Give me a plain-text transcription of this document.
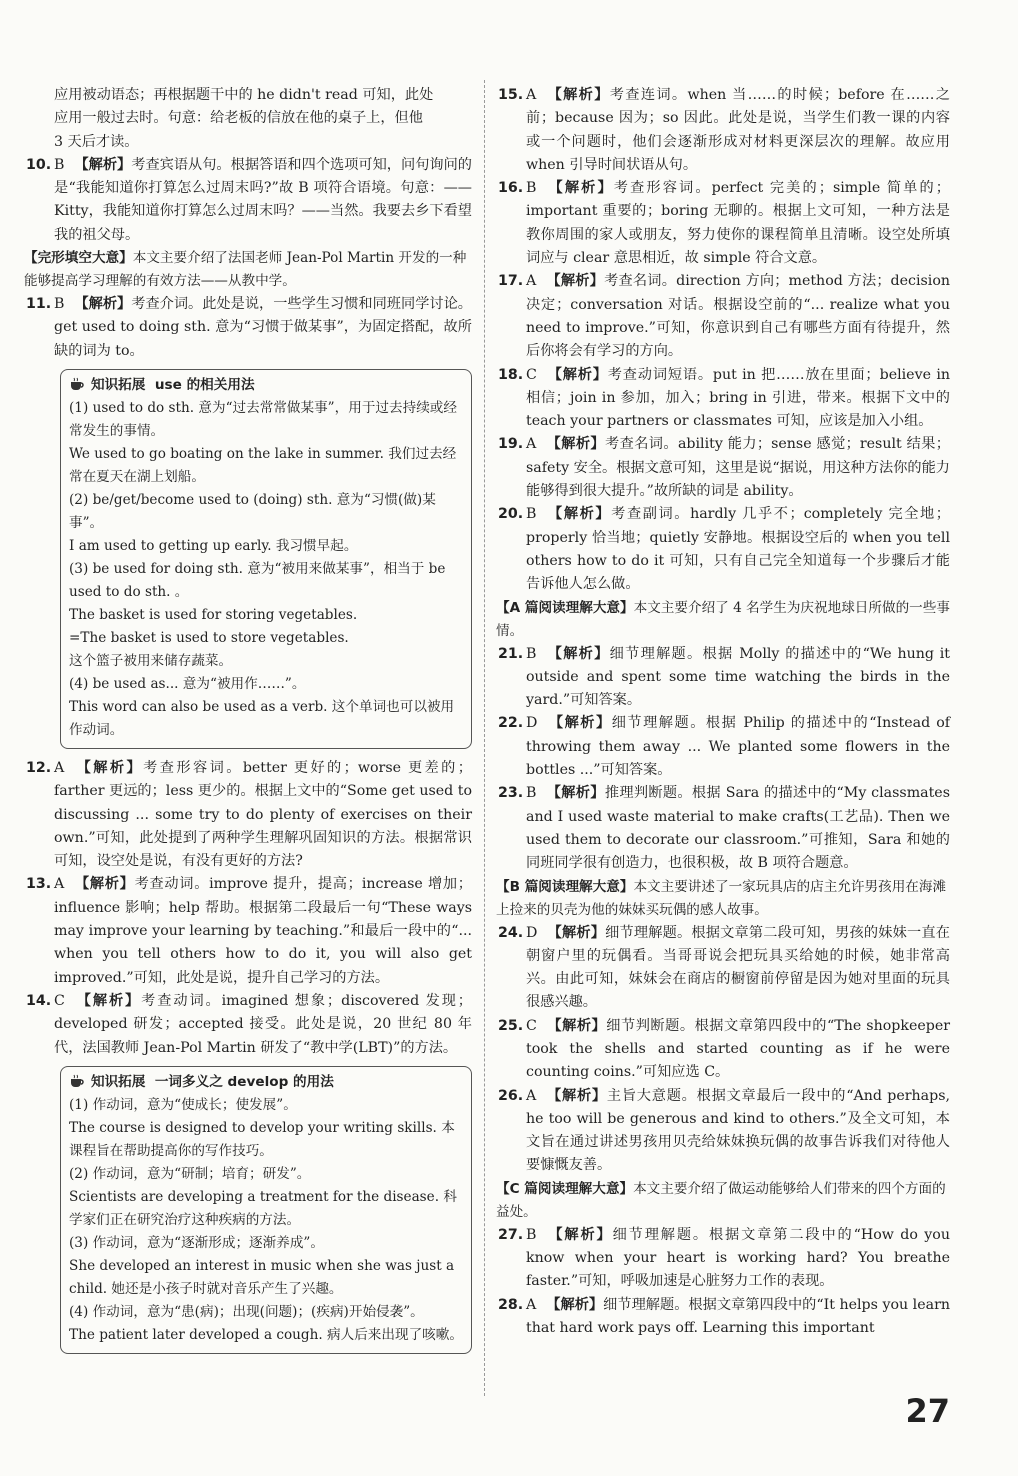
应用被动语态；再根据题干中的 he didn't read 可知，此处

应用一般过去时。句意：给老板的信放在他的桌子上，但他

3 天后才读。

10. B 【解析】考查宾语从句。根据答语和四个选项可知，问句询问的是“我能知道你打算怎么过周末吗?”故 B 项符合语境。句意：——Kitty，我能知道你打算怎么过周末吗？——当然。我要去乡下看望我的祖父母。

【完形填空大意】本文主要介绍了法国老师 Jean-Pol Martin 开发的一种能够提高学习理解的有效方法——从教中学。

11. B 【解析】考查介词。此处是说，一些学生习惯和同班同学讨论。get used to doing sth. 意为“习惯于做某事”，为固定搭配，故所缺的词为 to。

知识拓展 use 的相关用法

(1) used to do sth. 意为“过去常常做某事”，用于过去持续或经常发生的事情。

We used to go boating on the lake in summer. 我们过去经常在夏天在湖上划船。

(2) be/get/become used to (doing) sth. 意为“习惯(做)某事”。

I am used to getting up early. 我习惯早起。

(3) be used for doing sth. 意为“被用来做某事”，相当于 be used to do sth. 。

The basket is used for storing vegetables.

=The basket is used to store vegetables.

这个篮子被用来储存蔬菜。

(4) be used as... 意为“被用作……”。

This word can also be used as a verb. 这个单词也可以被用作动词。

12. A 【解析】考查形容词。better 更好的；worse 更差的；farther 更远的；less 更少的。根据上文中的“Some get used to discussing ... some try to do plenty of exercises on their own.”可知，此处提到了两种学生理解巩固知识的方法。根据常识可知，设空处是说，有没有更好的方法?

13. A 【解析】考查动词。improve 提升，提高；increase 增加；influence 影响；help 帮助。根据第二段最后一句“These ways may improve your learning by teaching.”和最后一段中的“... when you tell others how to do it, you will also get improved.”可知，此处是说，提升自己学习的方法。

14. C 【解析】考查动词。imagined 想象；discovered 发现；developed 研发；accepted 接受。此处是说，20 世纪 80 年代，法国教师 Jean-Pol Martin 研发了“教中学(LBT)”的方法。

知识拓展 一词多义之 develop 的用法

(1) 作动词，意为“使成长；使发展”。

The course is designed to develop your writing skills. 本课程旨在帮助提高你的写作技巧。

(2) 作动词，意为“研制；培育；研发”。

Scientists are developing a treatment for the disease. 科学家们正在研究治疗这种疾病的方法。

(3) 作动词，意为“逐渐形成；逐渐养成”。

She developed an interest in music when she was just a child. 她还是小孩子时就对音乐产生了兴趣。

(4) 作动词，意为“患(病)；出现(问题)；(疾病)开始侵袭”。

The patient later developed a cough. 病人后来出现了咳嗽。

15. A 【解析】考查连词。when 当……的时候；before 在……之前；because 因为；so 因此。此处是说，当学生们教一课的内容或一个问题时，他们会逐渐形成对材料更深层次的理解。故应用 when 引导时间状语从句。

16. B 【解析】考查形容词。perfect 完美的；simple 简单的；important 重要的；boring 无聊的。根据上文可知，一种方法是教你周围的家人或朋友，努力使你的课程简单且清晰。设空处所填词应与 clear 意思相近，故 simple 符合文意。

17. A 【解析】考查名词。direction 方向；method 方法；decision 决定；conversation 对话。根据设空前的“... realize what you need to improve.”可知，你意识到自己有哪些方面有待提升，然后你将会有学习的方向。

18. C 【解析】考查动词短语。put in 把……放在里面；believe in 相信；join in 参加，加入；bring in 引进，带来。根据下文中的 teach your partners or classmates 可知，应该是加入小组。

19. A 【解析】考查名词。ability 能力；sense 感觉；result 结果；safety 安全。根据文意可知，这里是说“据说，用这种方法你的能力能够得到很大提升。”故所缺的词是 ability。

20. B 【解析】考查副词。hardly 几乎不；completely 完全地；properly 恰当地；quietly 安静地。根据设空后的 when you tell others how to do it 可知，只有自己完全知道每一个步骤后才能告诉他人怎么做。

【A 篇阅读理解大意】本文主要介绍了 4 名学生为庆祝地球日所做的一些事情。

21. B 【解析】细节理解题。根据 Molly 的描述中的“We hung it outside and spent some time watching the birds in the yard.”可知答案。

22. D 【解析】细节理解题。根据 Philip 的描述中的“Instead of throwing them away ... We planted some flowers in the bottles ...”可知答案。

23. B 【解析】推理判断题。根据 Sara 的描述中的“My classmates and I used waste material to make crafts(工艺品). Then we used them to decorate our classroom.”可推知，Sara 和她的同班同学很有创造力，也很积极，故 B 项符合题意。

【B 篇阅读理解大意】本文主要讲述了一家玩具店的店主允许男孩用在海滩上捡来的贝壳为他的妹妹买玩偶的感人故事。

24. D 【解析】细节理解题。根据文章第二段可知，男孩的妹妹一直在朝窗户里的玩偶看。当哥哥说会把玩具买给她的时候，她非常高兴。由此可知，妹妹会在商店的橱窗前停留是因为她对里面的玩具很感兴趣。

25. C 【解析】细节判断题。根据文章第四段中的“The shopkeeper took the shells and started counting as if he were counting coins.”可知应选 C。

26. A 【解析】主旨大意题。根据文章最后一段中的“And perhaps, he too will be generous and kind to others.”及全文可知，本文旨在通过讲述男孩用贝壳给妹妹换玩偶的故事告诉我们对待他人要慷慨友善。

【C 篇阅读理解大意】本文主要介绍了做运动能够给人们带来的四个方面的益处。

27. B 【解析】细节理解题。根据文章第二段中的“How do you know when your heart is working hard? You breathe faster.”可知，呼吸加速是心脏努力工作的表现。

28. A 【解析】细节理解题。根据文章第四段中的“It helps you learn that hard work pays off. Learning this important

27
